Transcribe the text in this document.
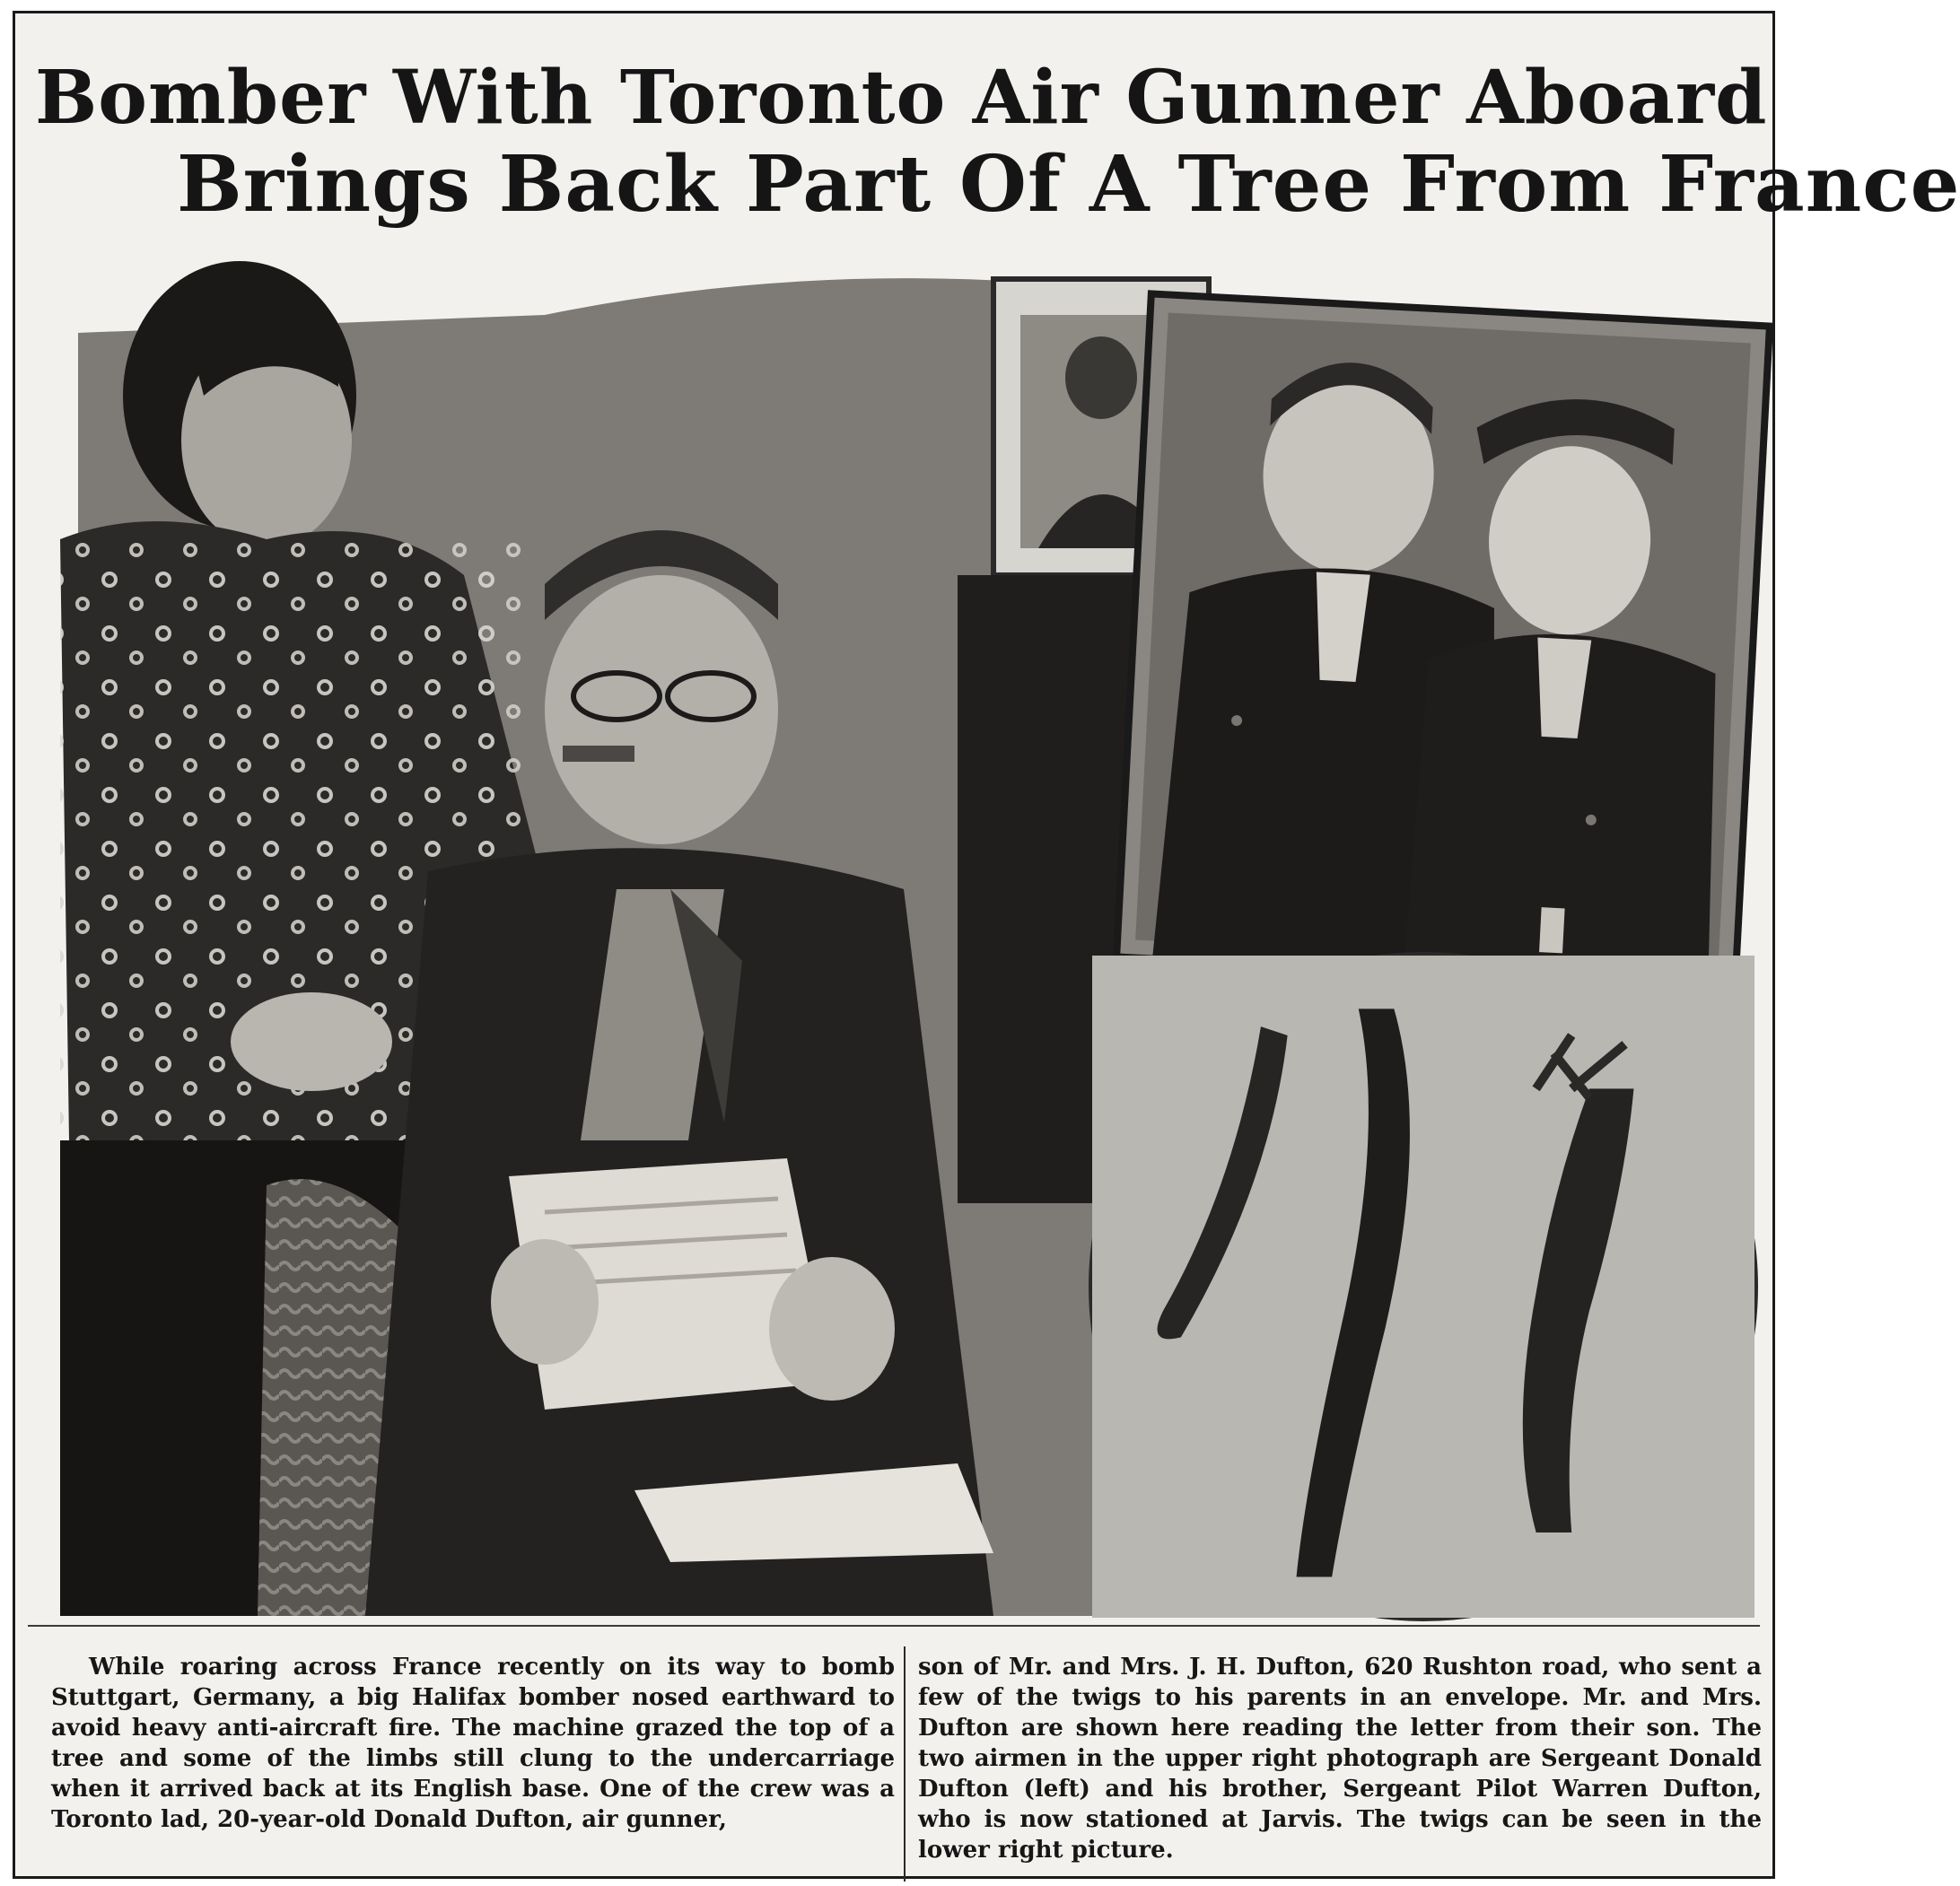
Bomber With Toronto Air Gunner Aboard
Brings Back Part Of A Tree From France
While roaring across France recently on its way to bomb Stuttgart, Germany, a big Halifax bomber nosed earthward to avoid heavy anti-aircraft fire. The machine grazed the top of a tree and some of the limbs still clung to the undercarriage when it arrived back at its English base. One of the crew was a Toronto lad, 20-year-old Donald Dufton, air gunner,
son of Mr. and Mrs. J. H. Dufton, 620 Rushton road, who sent a few of the twigs to his parents in an envelope. Mr. and Mrs. Dufton are shown here reading the letter from their son. The two airmen in the upper right photograph are Sergeant Donald Dufton (left) and his brother, Sergeant Pilot Warren Dufton, who is now stationed at Jarvis. The twigs can be seen in the lower right picture.
